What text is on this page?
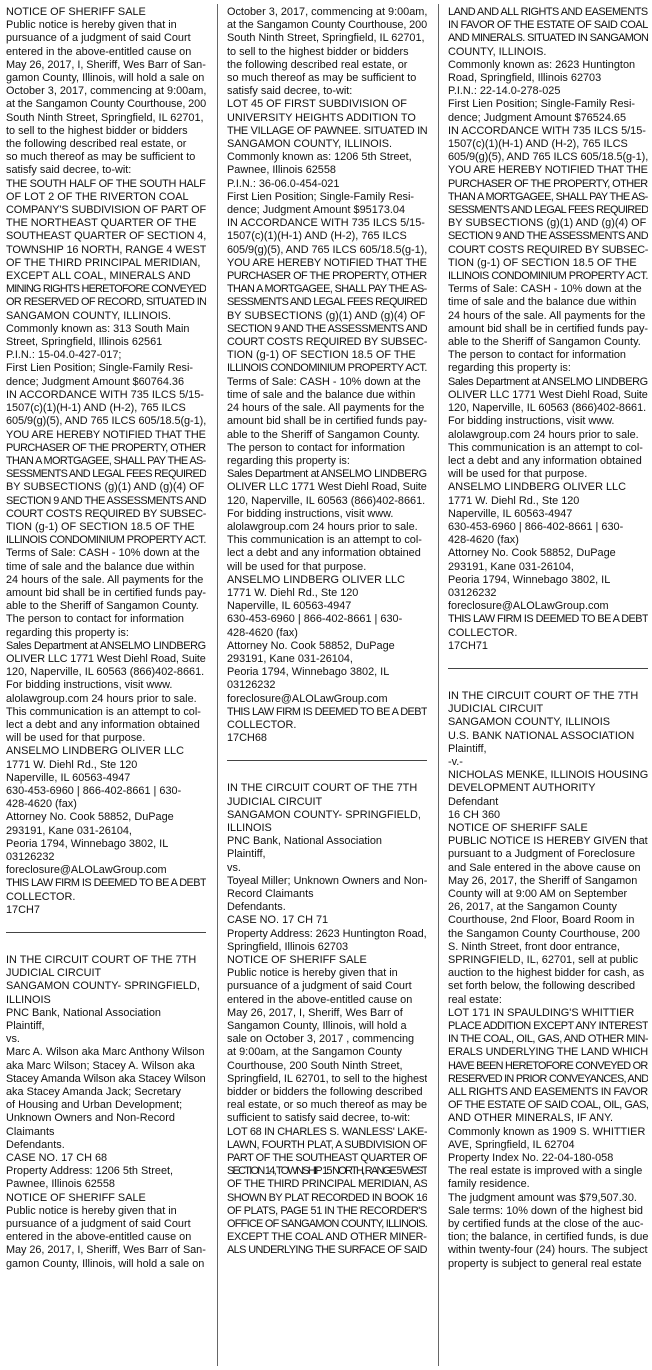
NOTICE OF SHERIFF SALE
Public notice is hereby given that in
pursuance of a judgment of said Court
entered in the above-entitled cause on
May 26, 2017, I, Sheriff, Wes Barr of San-
gamon County, Illinois, will hold a sale on
October 3, 2017, commencing at 9:00am,
at the Sangamon County Courthouse, 200
South Ninth Street, Springfield, IL 62701,
to sell to the highest bidder or bidders
the following described real estate, or
so much thereof as may be sufficient to
satisfy said decree, to-wit:
THE SOUTH HALF OF THE SOUTH HALF
OF LOT 2 OF THE RIVERTON COAL
COMPANY'S SUBDIVISION OF PART OF
THE NORTHEAST QUARTER OF THE
SOUTHEAST QUARTER OF SECTION 4,
TOWNSHIP 16 NORTH, RANGE 4 WEST
OF THE THIRD PRINCIPAL MERIDIAN,
EXCEPT ALL COAL, MINERALS AND
MINING RIGHTS HERETOFORE CONVEYED
OR RESERVED OF RECORD, SITUATED IN
SANGAMON COUNTY, ILLINOIS.
Commonly known as: 313 South Main
Street, Springfield, Illinois 62561
P.I.N.: 15-04.0-427-017;
First Lien Position; Single-Family Resi-
dence; Judgment Amount $60764.36
IN ACCORDANCE WITH 735 ILCS 5/15-
1507(c)(1)(H-1) AND (H-2), 765 ILCS
605/9(g)(5), AND 765 ILCS 605/18.5(g-1),
YOU ARE HEREBY NOTIFIED THAT THE
PURCHASER OF THE PROPERTY, OTHER
THAN A MORTGAGEE, SHALL PAY THE AS-
SESSMENTS AND LEGAL FEES REQUIRED
BY SUBSECTIONS (g)(1) AND (g)(4) OF
SECTION 9 AND THE ASSESSMENTS AND
COURT COSTS REQUIRED BY SUBSEC-
TION (g-1) OF SECTION 18.5 OF THE
ILLINOIS CONDOMINIUM PROPERTY ACT.
Terms of Sale: CASH - 10% down at the
time of sale and the balance due within
24 hours of the sale. All payments for the
amount bid shall be in certified funds pay-
able to the Sheriff of Sangamon County.
The person to contact for information
regarding this property is:
Sales Department at ANSELMO LINDBERG
OLIVER LLC 1771 West Diehl Road, Suite
120, Naperville, IL 60563 (866)402-8661.
For bidding instructions, visit www.
alolawgroup.com 24 hours prior to sale.
This communication is an attempt to col-
lect a debt and any information obtained
will be used for that purpose.
ANSELMO LINDBERG OLIVER LLC
1771 W. Diehl Rd., Ste 120
Naperville, IL 60563-4947
630-453-6960 | 866-402-8661 | 630-
428-4620 (fax)
Attorney No. Cook 58852, DuPage
293191, Kane 031-26104,
Peoria 1794, Winnebago 3802, IL
03126232
foreclosure@ALOLawGroup.com
THIS LAW FIRM IS DEEMED TO BE A DEBT
COLLECTOR.
17CH7
IN THE CIRCUIT COURT OF THE 7TH
JUDICIAL CIRCUIT
SANGAMON COUNTY- SPRINGFIELD,
ILLINOIS
PNC Bank, National Association
Plaintiff,
vs.
Marc A. Wilson aka Marc Anthony Wilson
aka Marc Wilson; Stacey A. Wilson aka
Stacey Amanda Wilson aka Stacey Wilson
aka Stacey Amanda Jack; Secretary
of Housing and Urban Development;
Unknown Owners and Non-Record
Claimants
Defendants.
CASE NO. 17 CH 68
Property Address: 1206 5th Street,
Pawnee, Illinois 62558
NOTICE OF SHERIFF SALE
Public notice is hereby given that in
pursuance of a judgment of said Court
entered in the above-entitled cause on
May 26, 2017, I, Sheriff, Wes Barr of San-
gamon County, Illinois, will hold a sale on
October 3, 2017, commencing at 9:00am,
at the Sangamon County Courthouse, 200
South Ninth Street, Springfield, IL 62701,
to sell to the highest bidder or bidders
the following described real estate, or
so much thereof as may be sufficient to
satisfy said decree, to-wit:
LOT 45 OF FIRST SUBDIVISION OF
UNIVERSITY HEIGHTS ADDITION TO
THE VILLAGE OF PAWNEE. SITUATED IN
SANGAMON COUNTY, ILLINOIS.
Commonly known as: 1206 5th Street,
Pawnee, Illinois 62558
P.I.N.: 36-06.0-454-021
First Lien Position; Single-Family Resi-
dence; Judgment Amount $95173.04
IN ACCORDANCE WITH 735 ILCS 5/15-
1507(c)(1)(H-1) AND (H-2), 765 ILCS
605/9(g)(5), AND 765 ILCS 605/18.5(g-1),
YOU ARE HEREBY NOTIFIED THAT THE
PURCHASER OF THE PROPERTY, OTHER
THAN A MORTGAGEE, SHALL PAY THE AS-
SESSMENTS AND LEGAL FEES REQUIRED
BY SUBSECTIONS (g)(1) AND (g)(4) OF
SECTION 9 AND THE ASSESSMENTS AND
COURT COSTS REQUIRED BY SUBSEC-
TION (g-1) OF SECTION 18.5 OF THE
ILLINOIS CONDOMINIUM PROPERTY ACT.
Terms of Sale: CASH - 10% down at the
time of sale and the balance due within
24 hours of the sale. All payments for the
amount bid shall be in certified funds pay-
able to the Sheriff of Sangamon County.
The person to contact for information
regarding this property is:
Sales Department at ANSELMO LINDBERG
OLIVER LLC 1771 West Diehl Road, Suite
120, Naperville, IL 60563 (866)402-8661.
For bidding instructions, visit www.
alolawgroup.com 24 hours prior to sale.
This communication is an attempt to col-
lect a debt and any information obtained
will be used for that purpose.
ANSELMO LINDBERG OLIVER LLC
1771 W. Diehl Rd., Ste 120
Naperville, IL 60563-4947
630-453-6960 | 866-402-8661 | 630-
428-4620 (fax)
Attorney No. Cook 58852, DuPage
293191, Kane 031-26104,
Peoria 1794, Winnebago 3802, IL
03126232
foreclosure@ALOLawGroup.com
THIS LAW FIRM IS DEEMED TO BE A DEBT
COLLECTOR.
17CH68
IN THE CIRCUIT COURT OF THE 7TH
JUDICIAL CIRCUIT
SANGAMON COUNTY- SPRINGFIELD,
ILLINOIS
PNC Bank, National Association
Plaintiff,
vs.
Toyeal Miller; Unknown Owners and Non-
Record Claimants
Defendants.
CASE NO. 17 CH 71
Property Address: 2623 Huntington Road,
Springfield, Illinois 62703
NOTICE OF SHERIFF SALE
Public notice is hereby given that in
pursuance of a judgment of said Court
entered in the above-entitled cause on
May 26, 2017, I, Sheriff, Wes Barr of
Sangamon County, Illinois, will hold a
sale on October 3, 2017 , commencing
at 9:00am, at the Sangamon County
Courthouse, 200 South Ninth Street,
Springfield, IL 62701, to sell to the highest
bidder or bidders the following described
real estate, or so much thereof as may be
sufficient to satisfy said decree, to-wit:
LOT 68 IN CHARLES S. WANLESS' LAKE-
LAWN, FOURTH PLAT, A SUBDIVISION OF
PART OF THE SOUTHEAST QUARTER OF
SECTION 14, TOWNSHIP 15 NORTH, RANGE 5 WEST
OF THE THIRD PRINCIPAL MERIDIAN, AS
SHOWN BY PLAT RECORDED IN BOOK 16
OF PLATS, PAGE 51 IN THE RECORDER'S
OFFICE OF SANGAMON COUNTY, ILLINOIS.
EXCEPT THE COAL AND OTHER MINER-
ALS UNDERLYING THE SURFACE OF SAID
LAND AND ALL RIGHTS AND EASEMENTS
IN FAVOR OF THE ESTATE OF SAID COAL
AND MINERALS. SITUATED IN SANGAMON
COUNTY, ILLINOIS.
Commonly known as: 2623 Huntington
Road, Springfield, Illinois 62703
P.I.N.: 22-14.0-278-025
First Lien Position; Single-Family Resi-
dence; Judgment Amount $76524.65
IN ACCORDANCE WITH 735 ILCS 5/15-
1507(c)(1)(H-1) AND (H-2), 765 ILCS
605/9(g)(5), AND 765 ILCS 605/18.5(g-1),
YOU ARE HEREBY NOTIFIED THAT THE
PURCHASER OF THE PROPERTY, OTHER
THAN A MORTGAGEE, SHALL PAY THE AS-
SESSMENTS AND LEGAL FEES REQUIRED
BY SUBSECTIONS (g)(1) AND (g)(4) OF
SECTION 9 AND THE ASSESSMENTS AND
COURT COSTS REQUIRED BY SUBSEC-
TION (g-1) OF SECTION 18.5 OF THE
ILLINOIS CONDOMINIUM PROPERTY ACT.
Terms of Sale: CASH - 10% down at the
time of sale and the balance due within
24 hours of the sale. All payments for the
amount bid shall be in certified funds pay-
able to the Sheriff of Sangamon County.
The person to contact for information
regarding this property is:
Sales Department at ANSELMO LINDBERG
OLIVER LLC 1771 West Diehl Road, Suite
120, Naperville, IL 60563 (866)402-8661.
For bidding instructions, visit www.
alolawgroup.com 24 hours prior to sale.
This communication is an attempt to col-
lect a debt and any information obtained
will be used for that purpose.
ANSELMO LINDBERG OLIVER LLC
1771 W. Diehl Rd., Ste 120
Naperville, IL 60563-4947
630-453-6960 | 866-402-8661 | 630-
428-4620 (fax)
Attorney No. Cook 58852, DuPage
293191, Kane 031-26104,
Peoria 1794, Winnebago 3802, IL
03126232
foreclosure@ALOLawGroup.com
THIS LAW FIRM IS DEEMED TO BE A DEBT
COLLECTOR.
17CH71
IN THE CIRCUIT COURT OF THE 7TH
JUDICIAL CIRCUIT
SANGAMON COUNTY, ILLINOIS
U.S. BANK NATIONAL ASSOCIATION
Plaintiff,
-v.-
NICHOLAS MENKE, ILLINOIS HOUSING
DEVELOPMENT AUTHORITY
Defendant
16 CH 360
NOTICE OF SHERIFF SALE
PUBLIC NOTICE IS HEREBY GIVEN that
pursuant to a Judgment of Foreclosure
and Sale entered in the above cause on
May 26, 2017, the Sheriff of Sangamon
County will at 9:00 AM on September
26, 2017, at the Sangamon County
Courthouse, 2nd Floor, Board Room in
the Sangamon County Courthouse, 200
S. Ninth Street, front door entrance,
SPRINGFIELD, IL, 62701, sell at public
auction to the highest bidder for cash, as
set forth below, the following described
real estate:
LOT 171 IN SPAULDING'S WHITTIER
PLACE ADDITION EXCEPT ANY INTEREST
IN THE COAL, OIL, GAS, AND OTHER MIN-
ERALS UNDERLYING THE LAND WHICH
HAVE BEEN HERETOFORE CONVEYED OR
RESERVED IN PRIOR CONVEYANCES, AND
ALL RIGHTS AND EASEMENTS IN FAVOR
OF THE ESTATE OF SAID COAL, OIL, GAS,
AND OTHER MINERALS, IF ANY.
Commonly known as 1909 S. WHITTIER
AVE, Springfield, IL 62704
Property Index No. 22-04-180-058
The real estate is improved with a single
family residence.
The judgment amount was $79,507.30.
Sale terms: 10% down of the highest bid
by certified funds at the close of the auc-
tion; the balance, in certified funds, is due
within twenty-four (24) hours. The subject
property is subject to general real estate
